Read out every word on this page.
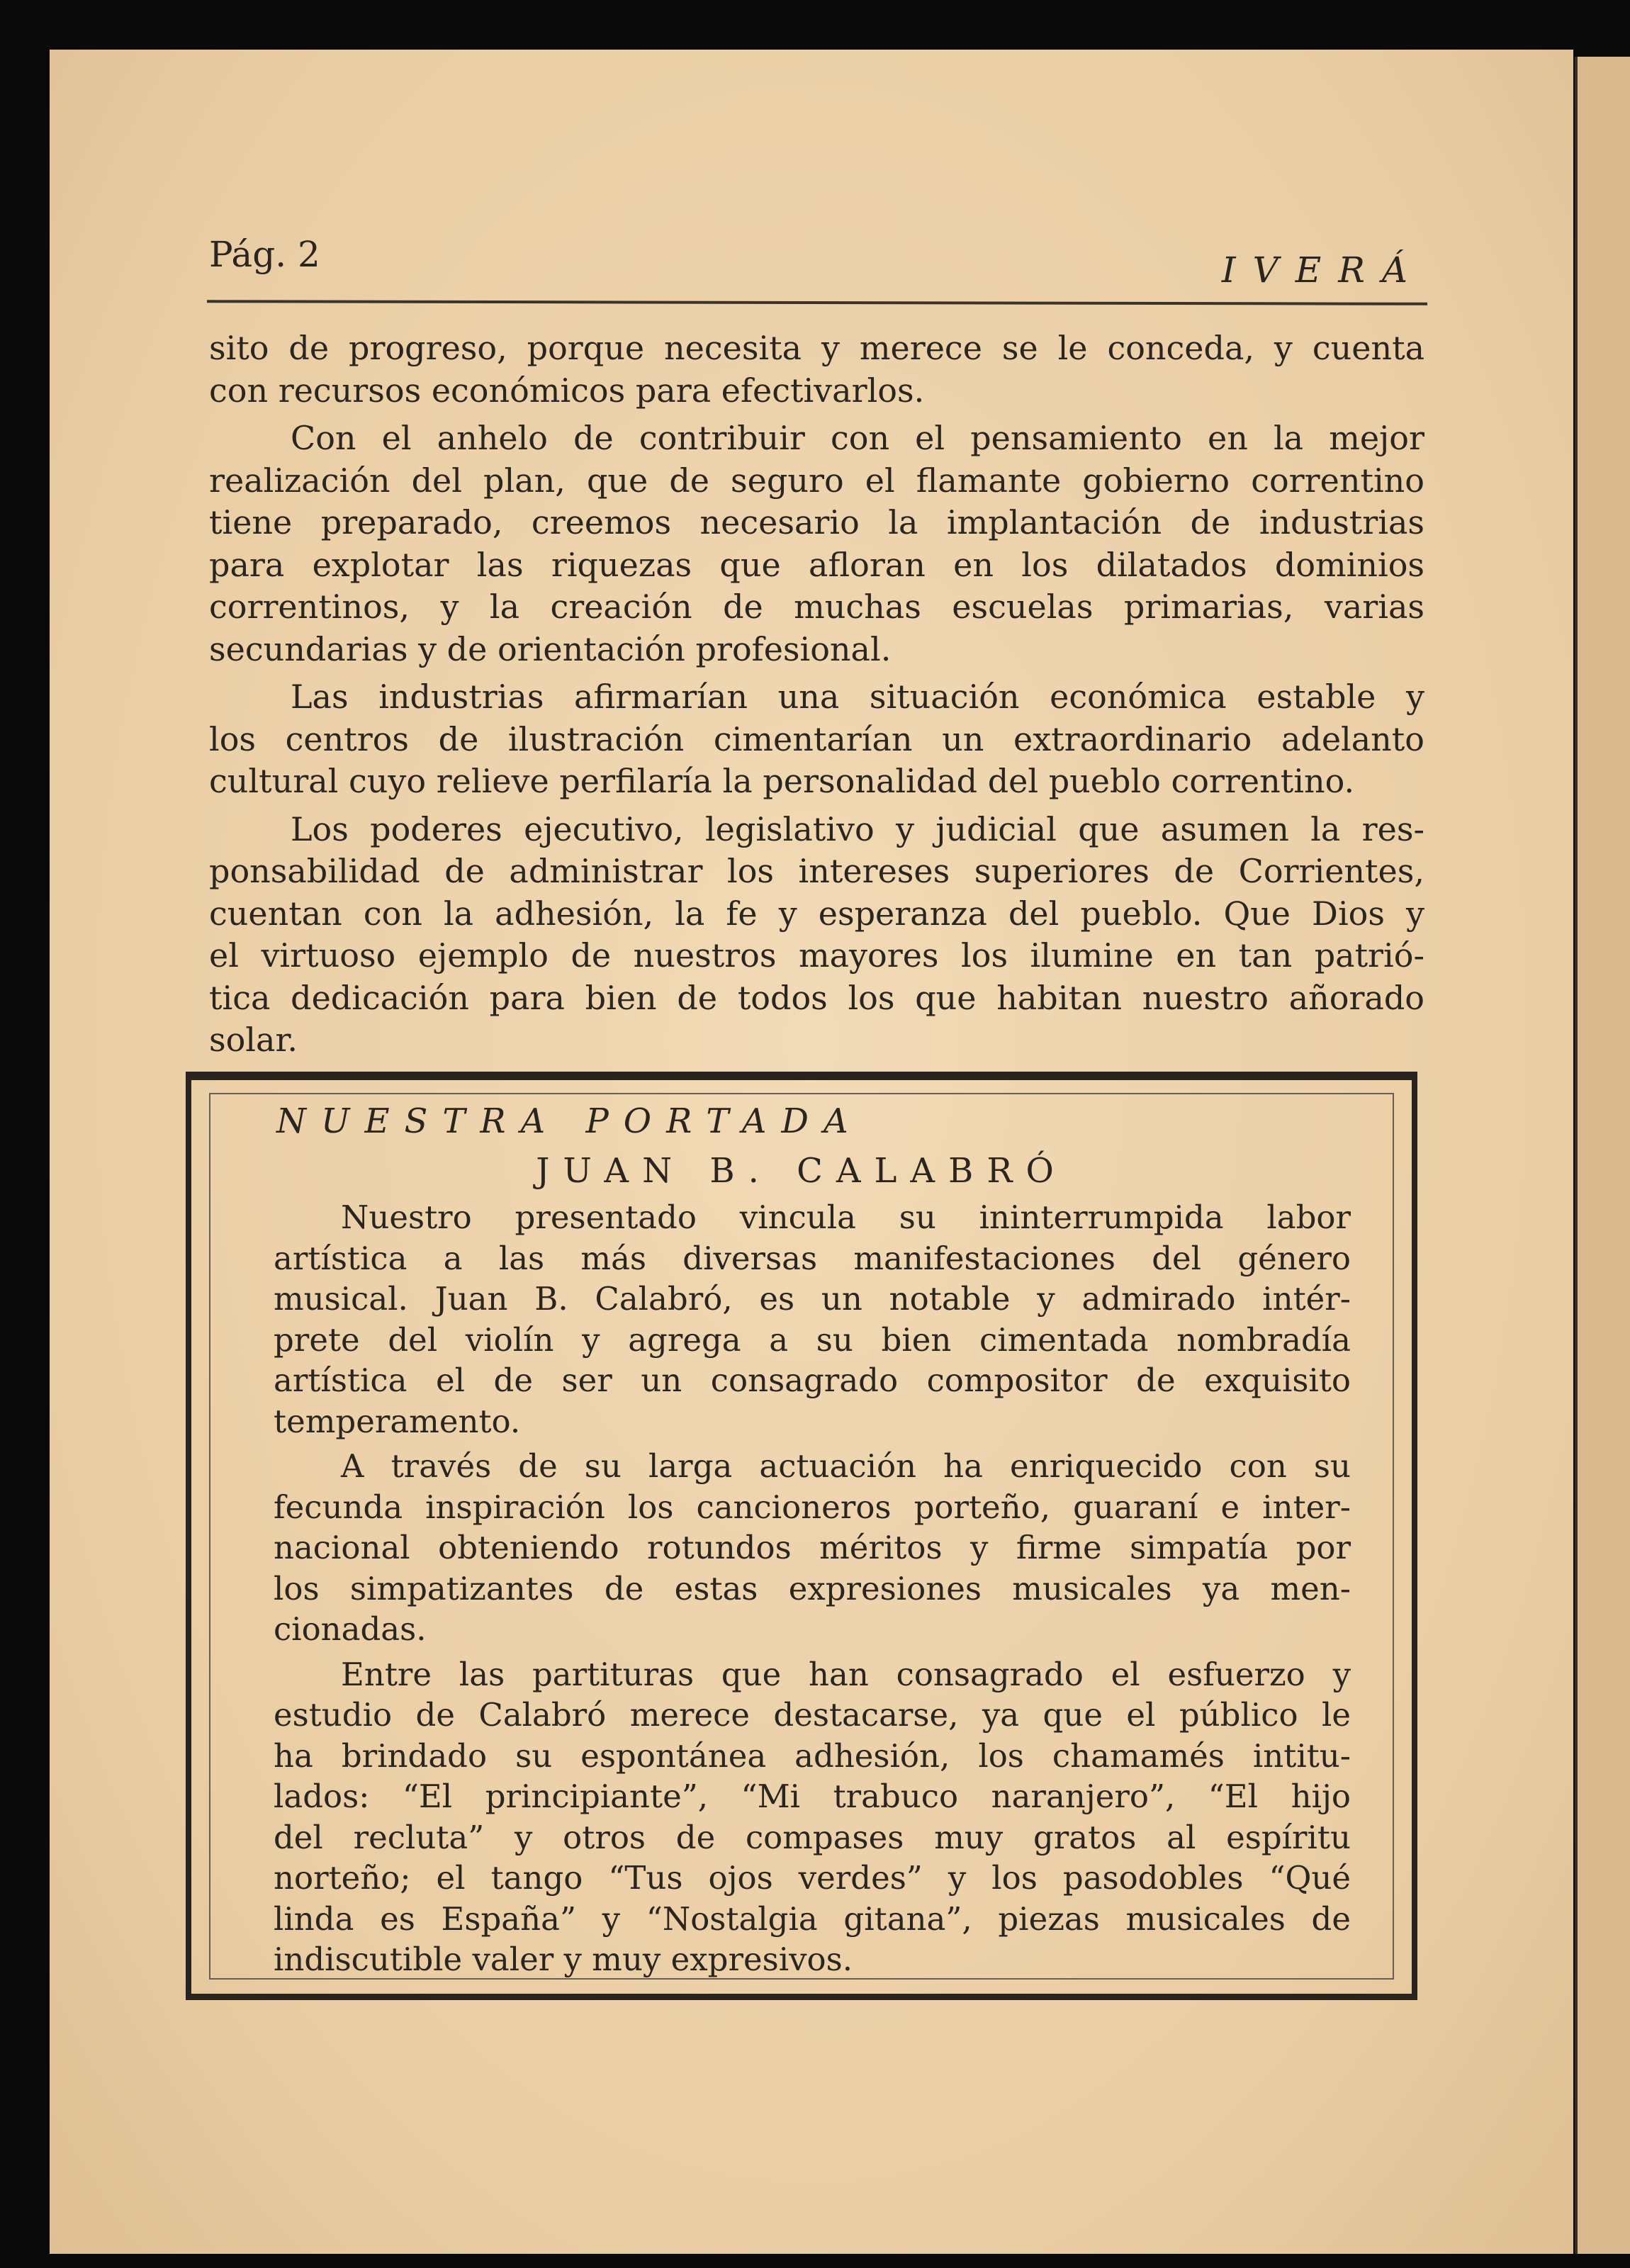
Pág. 2	IVERÁ
sito de progreso, porque necesita y merece se le conceda, y cuenta
con recursos económicos para efectivarlos.
Con el anhelo de contribuir con el pensamiento en la mejor
realización del plan, que de seguro el flamante gobierno correntino
tiene preparado, creemos necesario la implantación de industrias
para explotar las riquezas que afloran en los dilatados dominios
correntinos, y la creación de muchas escuelas primarias, varias
secundarias y de orientación profesional.
Las industrias afirmarían una situación económica estable y
los centros de ilustración cimentarían un extraordinario adelanto
cultural cuyo relieve perfilaría la personalidad del pueblo correntino.
Los poderes ejecutivo, legislativo y judicial que asumen la res-
ponsabilidad de administrar los intereses superiores de Corrientes,
cuentan con la adhesión, la fe y esperanza del pueblo. Que Dios y
el virtuoso ejemplo de nuestros mayores los ilumine en tan patrió-
tica dedicación para bien de todos los que habitan nuestro añorado
solar.
NUESTRA PORTADA
JUAN B. CALABRÓ
Nuestro presentado vincula su ininterrumpida labor
artística a las más diversas manifestaciones del género
musical. Juan B. Calabró, es un notable y admirado intér-
prete del violín y agrega a su bien cimentada nombradía
artística el de ser un consagrado compositor de exquisito
temperamento.
A través de su larga actuación ha enriquecido con su
fecunda inspiración los cancioneros porteño, guaraní e inter-
nacional obteniendo rotundos méritos y firme simpatía por
los simpatizantes de estas expresiones musicales ya men-
cionadas.
Entre las partituras que han consagrado el esfuerzo y
estudio de Calabró merece destacarse, ya que el público le
ha brindado su espontánea adhesión, los chamamés intitu-
lados: “El principiante”, “Mi trabuco naranjero”, “El hijo
del recluta” y otros de compases muy gratos al espíritu
norteño; el tango “Tus ojos verdes” y los pasodobles “Qué
linda es España” y “Nostalgia gitana”, piezas musicales de
indiscutible valer y muy expresivos.
